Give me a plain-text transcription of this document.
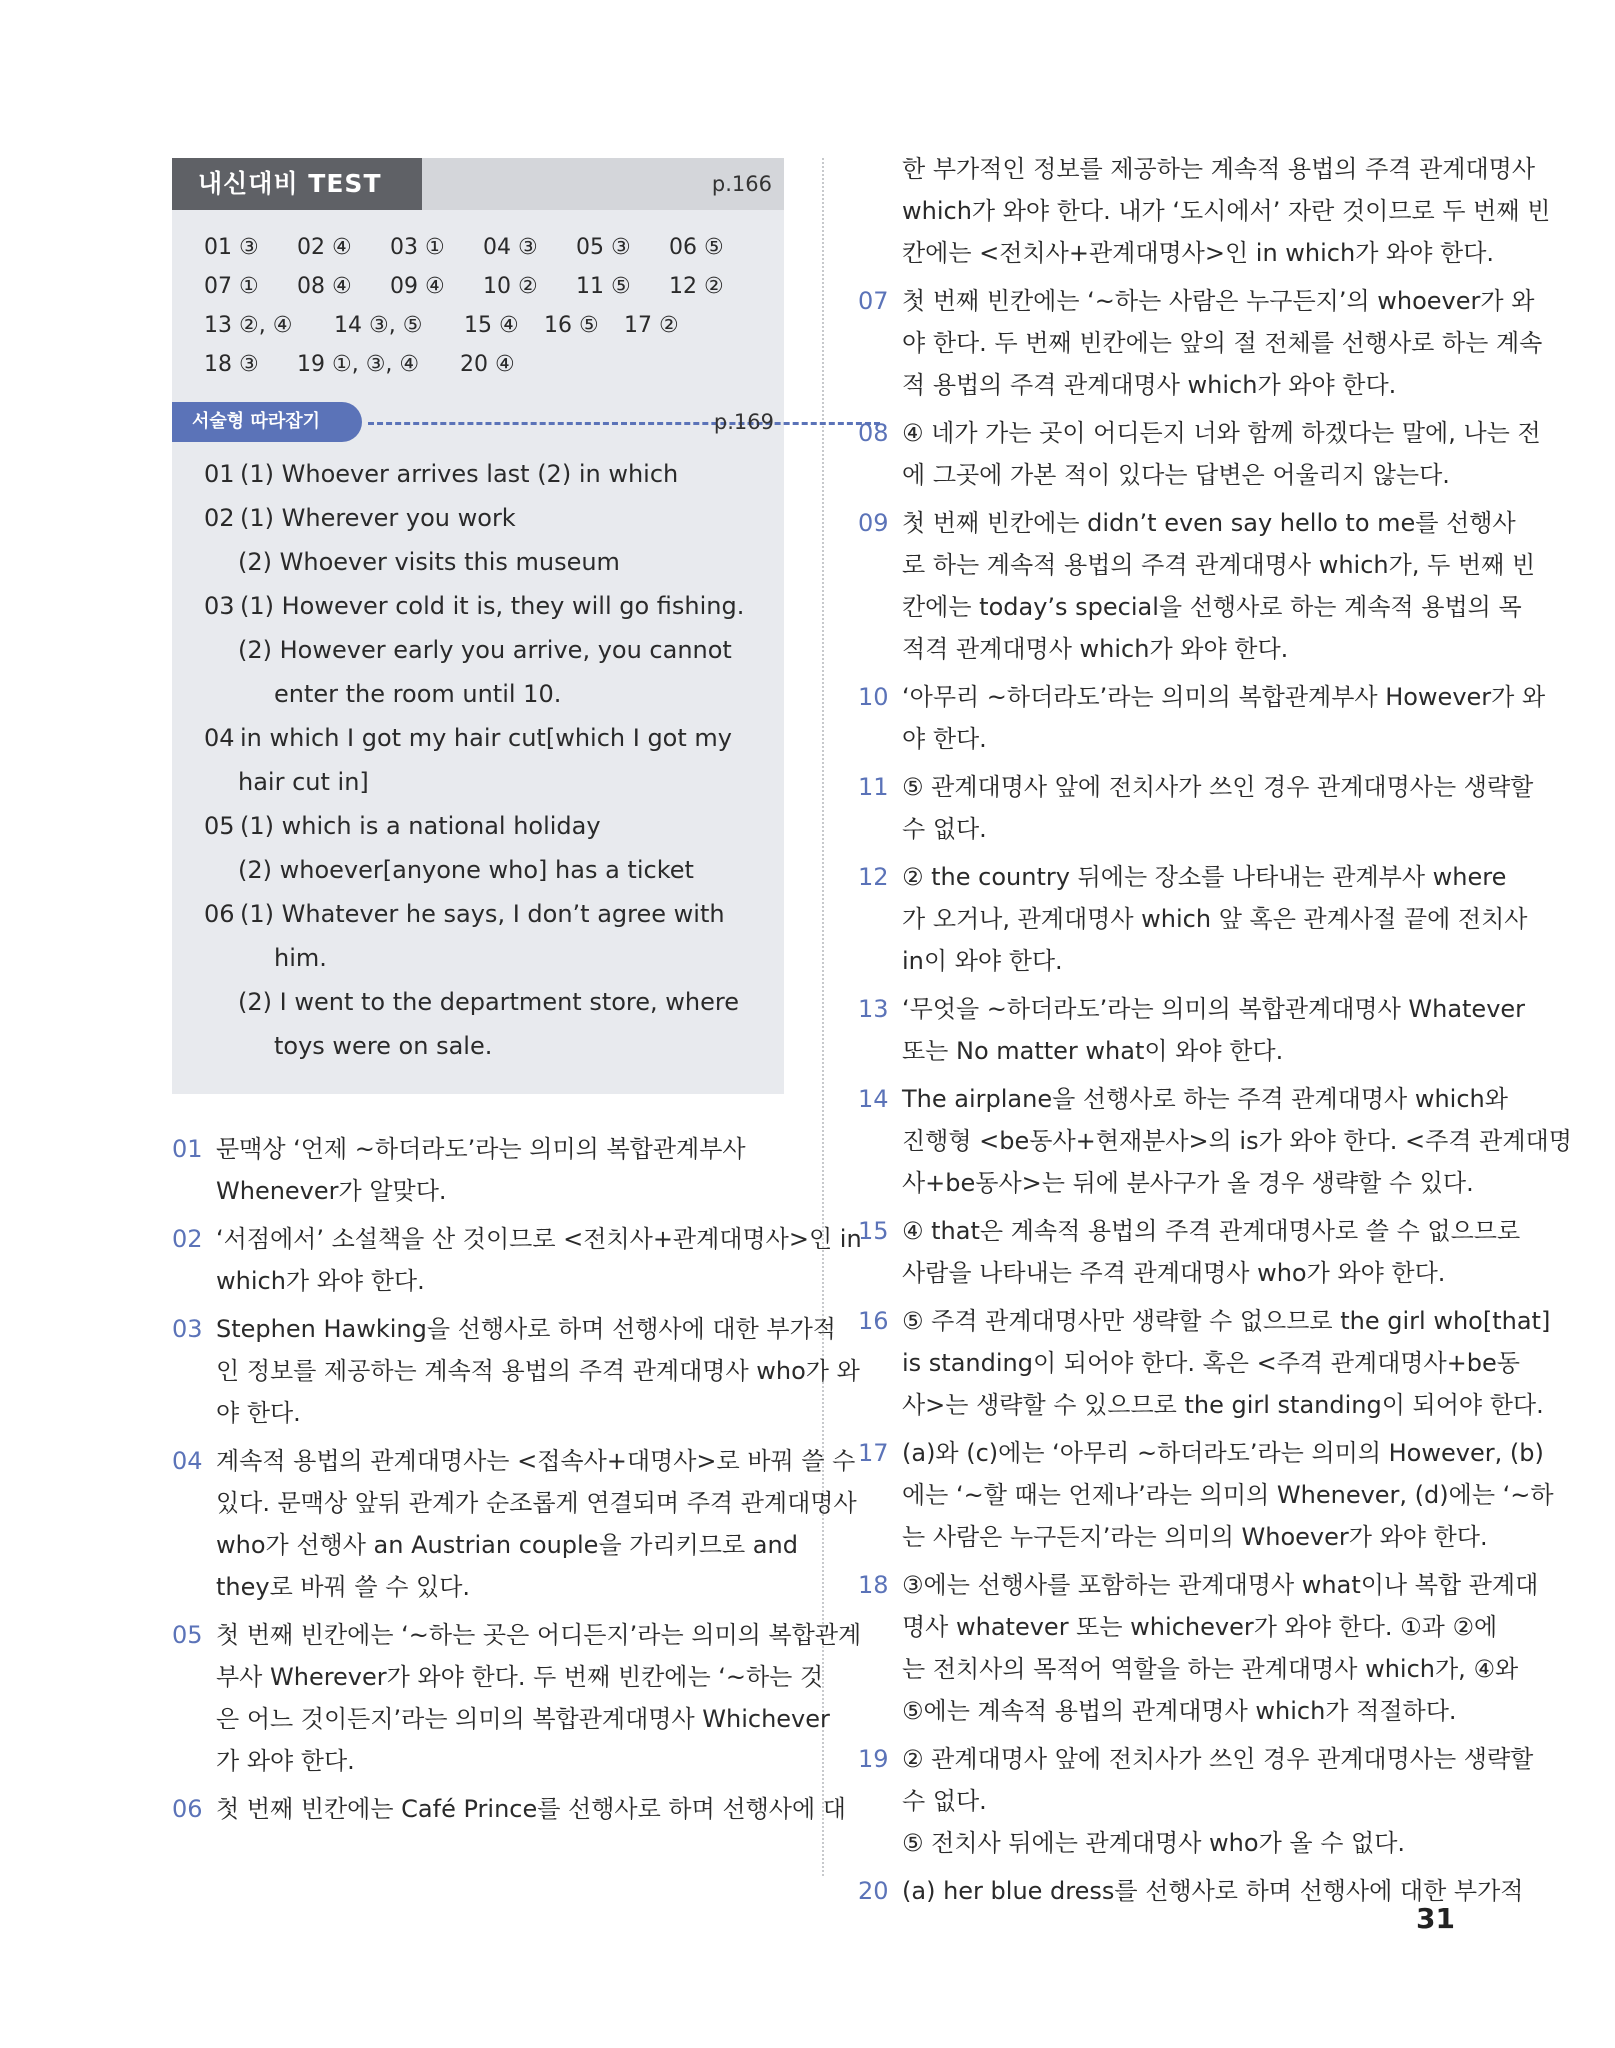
내신대비 TEST	p.166
01 ③	02 ④	03 ①	04 ③	05 ③	06 ⑤
07 ①	08 ④	09 ④	10 ②	11 ⑤	12 ②
13 ②, ④	14 ③, ⑤	15 ④	16 ⑤	17 ②
18 ③	19 ①, ③, ④	20 ④
서술형 따라잡기	p.169
01 (1) Whoever arrives last (2) in which
02 (1) Wherever you work
(2) Whoever visits this museum
03 (1) However cold it is, they will go fishing.
(2) However early you arrive, you cannot
enter the room until 10.
04 in which I got my hair cut[which I got my
hair cut in]
05 (1) which is a national holiday
(2) whoever[anyone who] has a ticket
06 (1) Whatever he says, I don’t agree with
him.
(2) I went to the department store, where
toys were on sale.
01 문맥상 ‘언제 ~하더라도’라는 의미의 복합관계부사
Whenever가 알맞다.
02 ‘서점에서’ 소설책을 산 것이므로 <전치사+관계대명사>인 in
which가 와야 한다.
03 Stephen Hawking을 선행사로 하며 선행사에 대한 부가적
인 정보를 제공하는 계속적 용법의 주격 관계대명사 who가 와
야 한다.
04 계속적 용법의 관계대명사는 <접속사+대명사>로 바꿔 쓸 수
있다. 문맥상 앞뒤 관계가 순조롭게 연결되며 주격 관계대명사
who가 선행사 an Austrian couple을 가리키므로 and
they로 바꿔 쓸 수 있다.
05 첫 번째 빈칸에는 ‘~하는 곳은 어디든지’라는 의미의 복합관계
부사 Wherever가 와야 한다. 두 번째 빈칸에는 ‘~하는 것
은 어느 것이든지’라는 의미의 복합관계대명사 Whichever
가 와야 한다.
06 첫 번째 빈칸에는 Café Prince를 선행사로 하며 선행사에 대
한 부가적인 정보를 제공하는 계속적 용법의 주격 관계대명사
which가 와야 한다. 내가 ‘도시에서’ 자란 것이므로 두 번째 빈
칸에는 <전치사+관계대명사>인 in which가 와야 한다.
07 첫 번째 빈칸에는 ‘~하는 사람은 누구든지’의 whoever가 와
야 한다. 두 번째 빈칸에는 앞의 절 전체를 선행사로 하는 계속
적 용법의 주격 관계대명사 which가 와야 한다.
08 ④ 네가 가는 곳이 어디든지 너와 함께 하겠다는 말에, 나는 전
에 그곳에 가본 적이 있다는 답변은 어울리지 않는다.
09 첫 번째 빈칸에는 didn’t even say hello to me를 선행사
로 하는 계속적 용법의 주격 관계대명사 which가, 두 번째 빈
칸에는 today’s special을 선행사로 하는 계속적 용법의 목
적격 관계대명사 which가 와야 한다.
10 ‘아무리 ~하더라도’라는 의미의 복합관계부사 However가 와
야 한다.
11 ⑤ 관계대명사 앞에 전치사가 쓰인 경우 관계대명사는 생략할
수 없다.
12 ② the country 뒤에는 장소를 나타내는 관계부사 where
가 오거나, 관계대명사 which 앞 혹은 관계사절 끝에 전치사
in이 와야 한다.
13 ‘무엇을 ~하더라도’라는 의미의 복합관계대명사 Whatever
또는 No matter what이 와야 한다.
14 The airplane을 선행사로 하는 주격 관계대명사 which와
진행형 <be동사+현재분사>의 is가 와야 한다. <주격 관계대명
사+be동사>는 뒤에 분사구가 올 경우 생략할 수 있다.
15 ④ that은 계속적 용법의 주격 관계대명사로 쓸 수 없으므로
사람을 나타내는 주격 관계대명사 who가 와야 한다.
16 ⑤ 주격 관계대명사만 생략할 수 없으므로 the girl who[that]
is standing이 되어야 한다. 혹은 <주격 관계대명사+be동
사>는 생략할 수 있으므로 the girl standing이 되어야 한다.
17 (a)와 (c)에는 ‘아무리 ~하더라도’라는 의미의 However, (b)
에는 ‘~할 때는 언제나’라는 의미의 Whenever, (d)에는 ‘~하
는 사람은 누구든지’라는 의미의 Whoever가 와야 한다.
18 ③에는 선행사를 포함하는 관계대명사 what이나 복합 관계대
명사 whatever 또는 whichever가 와야 한다. ①과 ②에
는 전치사의 목적어 역할을 하는 관계대명사 which가, ④와
⑤에는 계속적 용법의 관계대명사 which가 적절하다.
19 ② 관계대명사 앞에 전치사가 쓰인 경우 관계대명사는 생략할
수 없다.
⑤ 전치사 뒤에는 관계대명사 who가 올 수 없다.
20 (a) her blue dress를 선행사로 하며 선행사에 대한 부가적
31
